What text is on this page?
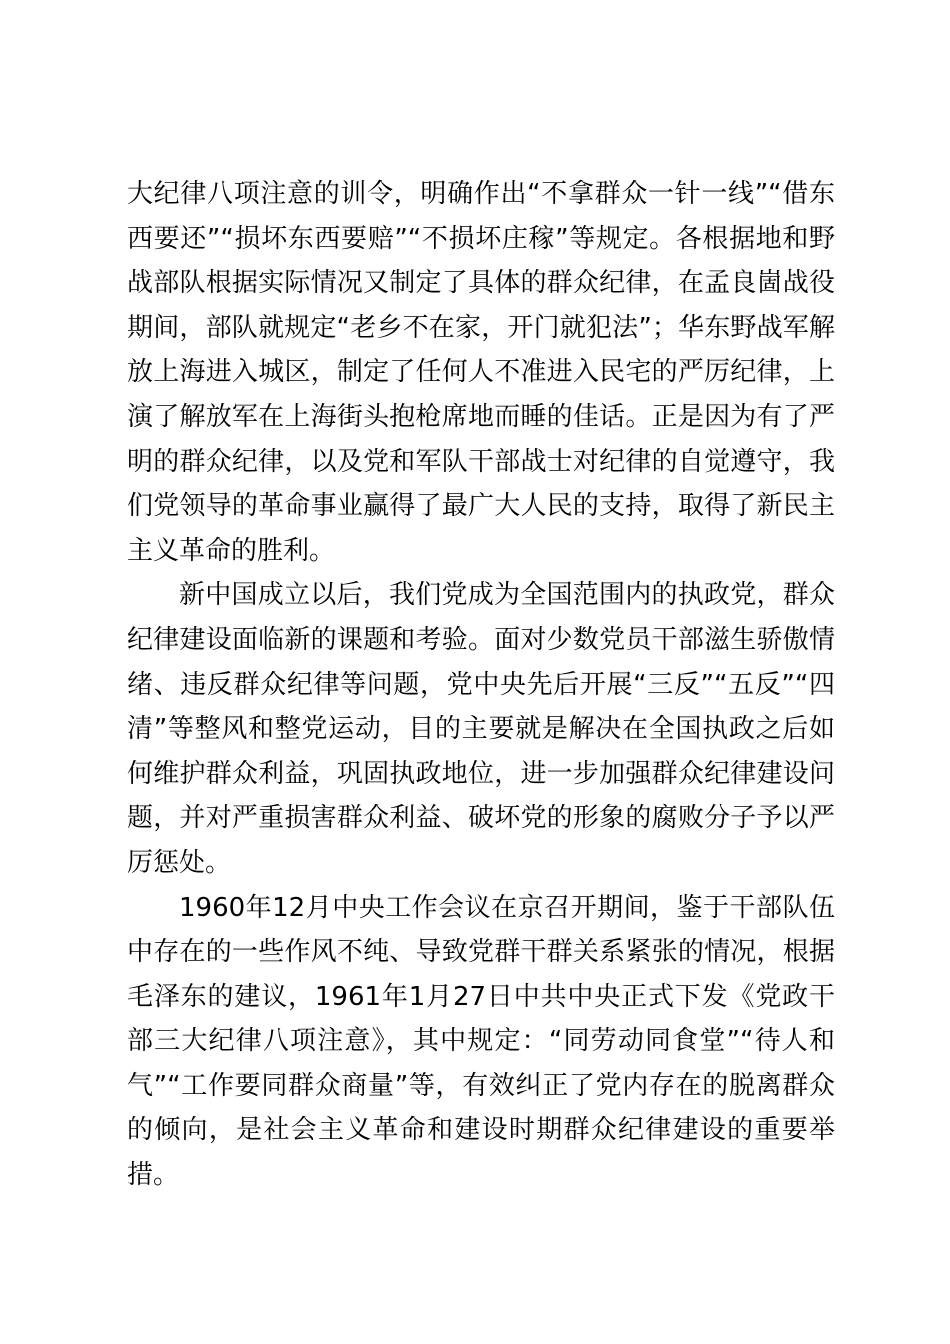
大纪律八项注意的训令，明确作出“不拿群众一针一线”“借东西要还”“损坏东西要赔”“不损坏庄稼”等规定。各根据地和野战部队根据实际情况又制定了具体的群众纪律，在孟良崮战役期间，部队就规定“老乡不在家，开门就犯法”；华东野战军解放上海进入城区，制定了任何人不准进入民宅的严厉纪律，上演了解放军在上海街头抱枪席地而睡的佳话。正是因为有了严明的群众纪律，以及党和军队干部战士对纪律的自觉遵守，我们党领导的革命事业赢得了最广大人民的支持，取得了新民主主义革命的胜利。

新中国成立以后，我们党成为全国范围内的执政党，群众纪律建设面临新的课题和考验。面对少数党员干部滋生骄傲情绪、违反群众纪律等问题，党中央先后开展“三反”“五反”“四清”等整风和整党运动，目的主要就是解决在全国执政之后如何维护群众利益，巩固执政地位，进一步加强群众纪律建设问题，并对严重损害群众利益、破坏党的形象的腐败分子予以严厉惩处。

1960年12月中央工作会议在京召开期间，鉴于干部队伍中存在的一些作风不纯、导致党群干群关系紧张的情况，根据毛泽东的建议，1961年1月27日中共中央正式下发《党政干部三大纪律八项注意》，其中规定：“同劳动同食堂”“待人和气”“工作要同群众商量”等，有效纠正了党内存在的脱离群众的倾向，是社会主义革命和建设时期群众纪律建设的重要举措。
